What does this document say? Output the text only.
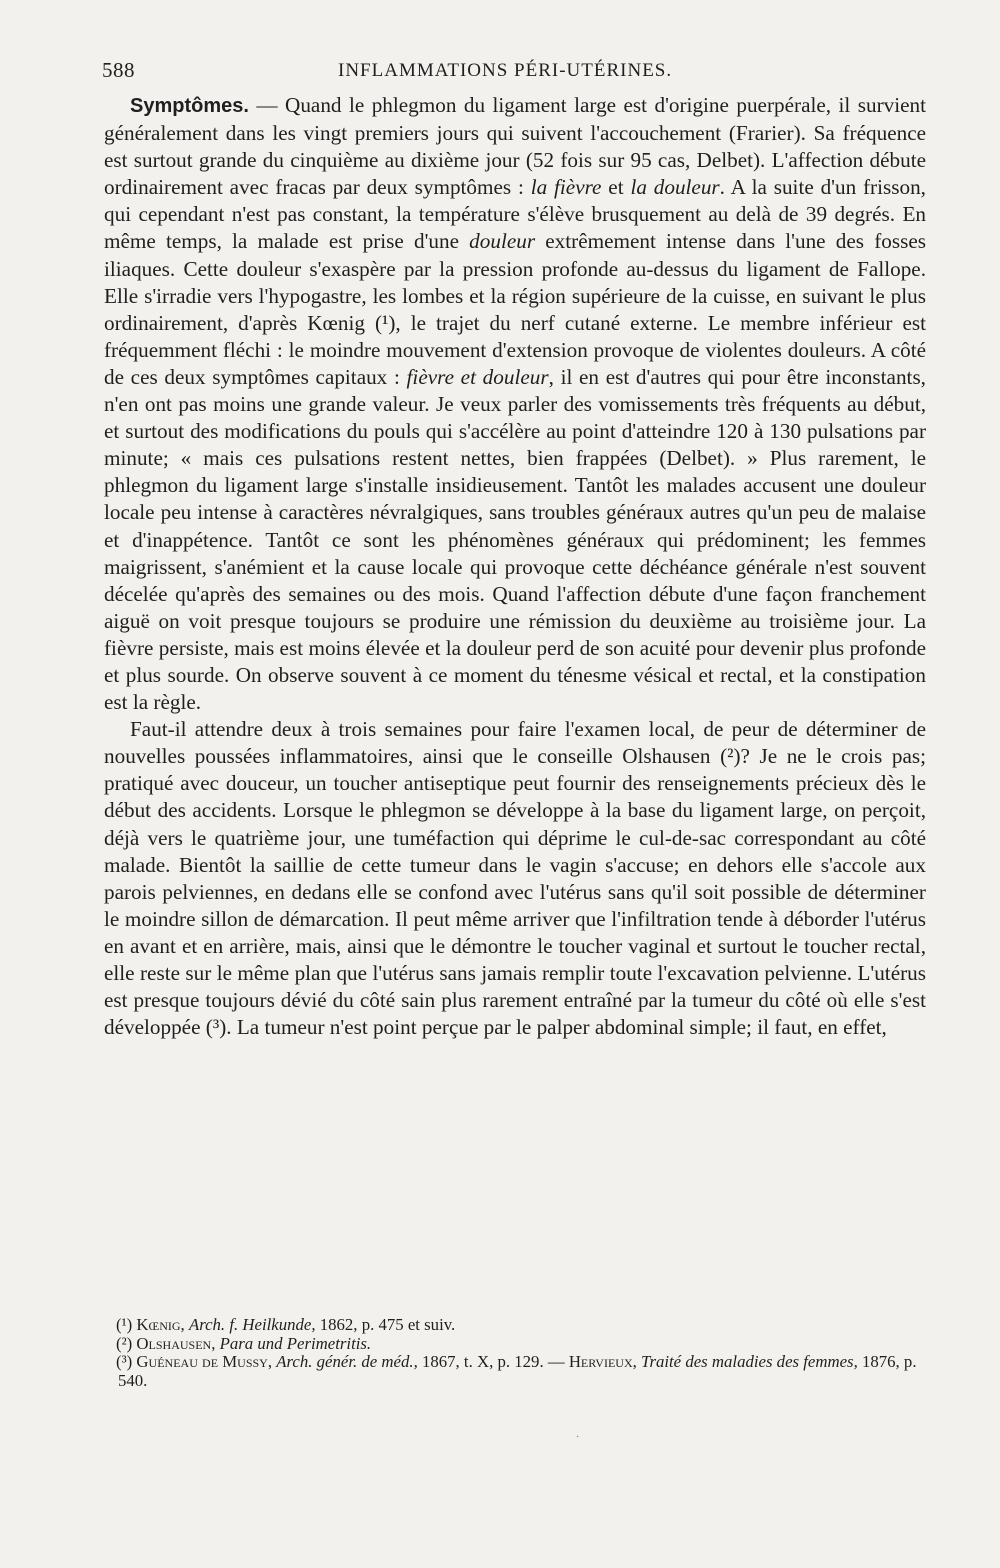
588	INFLAMMATIONS PÉRI-UTÉRINES.

Symptômes. — Quand le phlegmon du ligament large est d'origine puerpérale, il survient généralement dans les vingt premiers jours qui suivent l'accouchement (Frarier). Sa fréquence est surtout grande du cinquième au dixième jour (52 fois sur 95 cas, Delbet). L'affection débute ordinairement avec fracas par deux symptômes : la fièvre et la douleur. A la suite d'un frisson, qui cependant n'est pas constant, la température s'élève brusquement au delà de 39 degrés. En même temps, la malade est prise d'une douleur extrêmement intense dans l'une des fosses iliaques. Cette douleur s'exaspère par la pression profonde au-dessus du ligament de Fallope. Elle s'irradie vers l'hypogastre, les lombes et la région supérieure de la cuisse, en suivant le plus ordinairement, d'après Kœnig (¹), le trajet du nerf cutané externe. Le membre inférieur est fréquemment fléchi : le moindre mouvement d'extension provoque de violentes douleurs. A côté de ces deux symptômes capitaux : fièvre et douleur, il en est d'autres qui pour être inconstants, n'en ont pas moins une grande valeur. Je veux parler des vomissements très fréquents au début, et surtout des modifications du pouls qui s'accélère au point d'atteindre 120 à 130 pulsations par minute; « mais ces pulsations restent nettes, bien frappées (Delbet). » Plus rarement, le phlegmon du ligament large s'installe insidieusement. Tantôt les malades accusent une douleur locale peu intense à caractères névralgiques, sans troubles généraux autres qu'un peu de malaise et d'inappétence. Tantôt ce sont les phénomènes généraux qui prédominent; les femmes maigrissent, s'anémient et la cause locale qui provoque cette déchéance générale n'est souvent décelée qu'après des semaines ou des mois. Quand l'affection débute d'une façon franchement aiguë on voit presque toujours se produire une rémission du deuxième au troisième jour. La fièvre persiste, mais est moins élevée et la douleur perd de son acuité pour devenir plus profonde et plus sourde. On observe souvent à ce moment du ténesme vésical et rectal, et la constipation est la règle.

Faut-il attendre deux à trois semaines pour faire l'examen local, de peur de déterminer de nouvelles poussées inflammatoires, ainsi que le conseille Olshausen (²)? Je ne le crois pas; pratiqué avec douceur, un toucher antiseptique peut fournir des renseignements précieux dès le début des accidents. Lorsque le phlegmon se développe à la base du ligament large, on perçoit, déjà vers le quatrième jour, une tuméfaction qui déprime le cul-de-sac correspondant au côté malade. Bientôt la saillie de cette tumeur dans le vagin s'accuse; en dehors elle s'accole aux parois pelviennes, en dedans elle se confond avec l'utérus sans qu'il soit possible de déterminer le moindre sillon de démarcation. Il peut même arriver que l'infiltration tende à déborder l'utérus en avant et en arrière, mais, ainsi que le démontre le toucher vaginal et surtout le toucher rectal, elle reste sur le même plan que l'utérus sans jamais remplir toute l'excavation pelvienne. L'utérus est presque toujours dévié du côté sain plus rarement entraîné par la tumeur du côté où elle s'est développée (³). La tumeur n'est point perçue par le palper abdominal simple; il faut, en effet,

(¹) Kœnig, Arch. f. Heilkunde, 1862, p. 475 et suiv.

(²) Olshausen, Para und Perimetritis.

(³) Guéneau de Mussy, Arch. génér. de méd., 1867, t. X, p. 129. — Hervieux, Traité des maladies des femmes, 1876, p. 540.

·
